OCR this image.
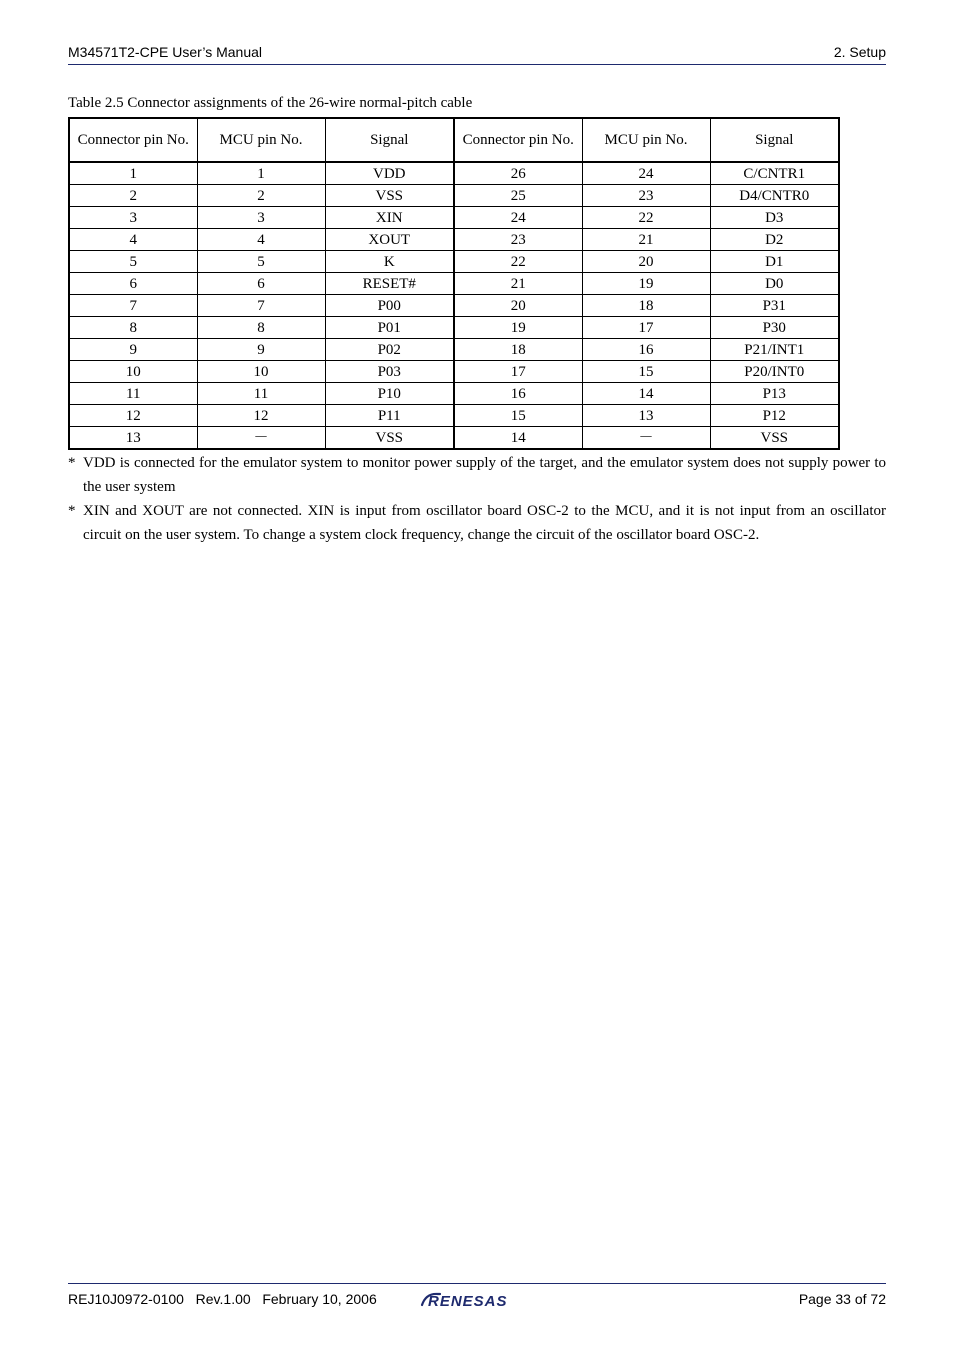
M34571T2-CPE User’s Manual	2. Setup
Table 2.5 Connector assignments of the 26-wire normal-pitch cable
Connector pin No.	MCU pin No.	Signal	Connector pin No.	MCU pin No.	Signal
1	1	VDD	26	24	C/CNTR1
2	2	VSS	25	23	D4/CNTR0
3	3	XIN	24	22	D3
4	4	XOUT	23	21	D2
5	5	K	22	20	D1
6	6	RESET#	21	19	D0
7	7	P00	20	18	P31
8	8	P01	19	17	P30
9	9	P02	18	16	P21/INT1
10	10	P03	17	15	P20/INT0
11	11	P10	16	14	P13
12	12	P11	15	13	P12
13	－	VSS	14	－	VSS
* VDD is connected for the emulator system to monitor power supply of the target, and the emulator system does not supply power to the user system
* XIN and XOUT are not connected. XIN is input from oscillator board OSC-2 to the MCU, and it is not input from an oscillator circuit on the user system. To change a system clock frequency, change the circuit of the oscillator board OSC-2.
REJ10J0972-0100 Rev.1.00 February 10, 2006	RENESAS	Page 33 of 72
